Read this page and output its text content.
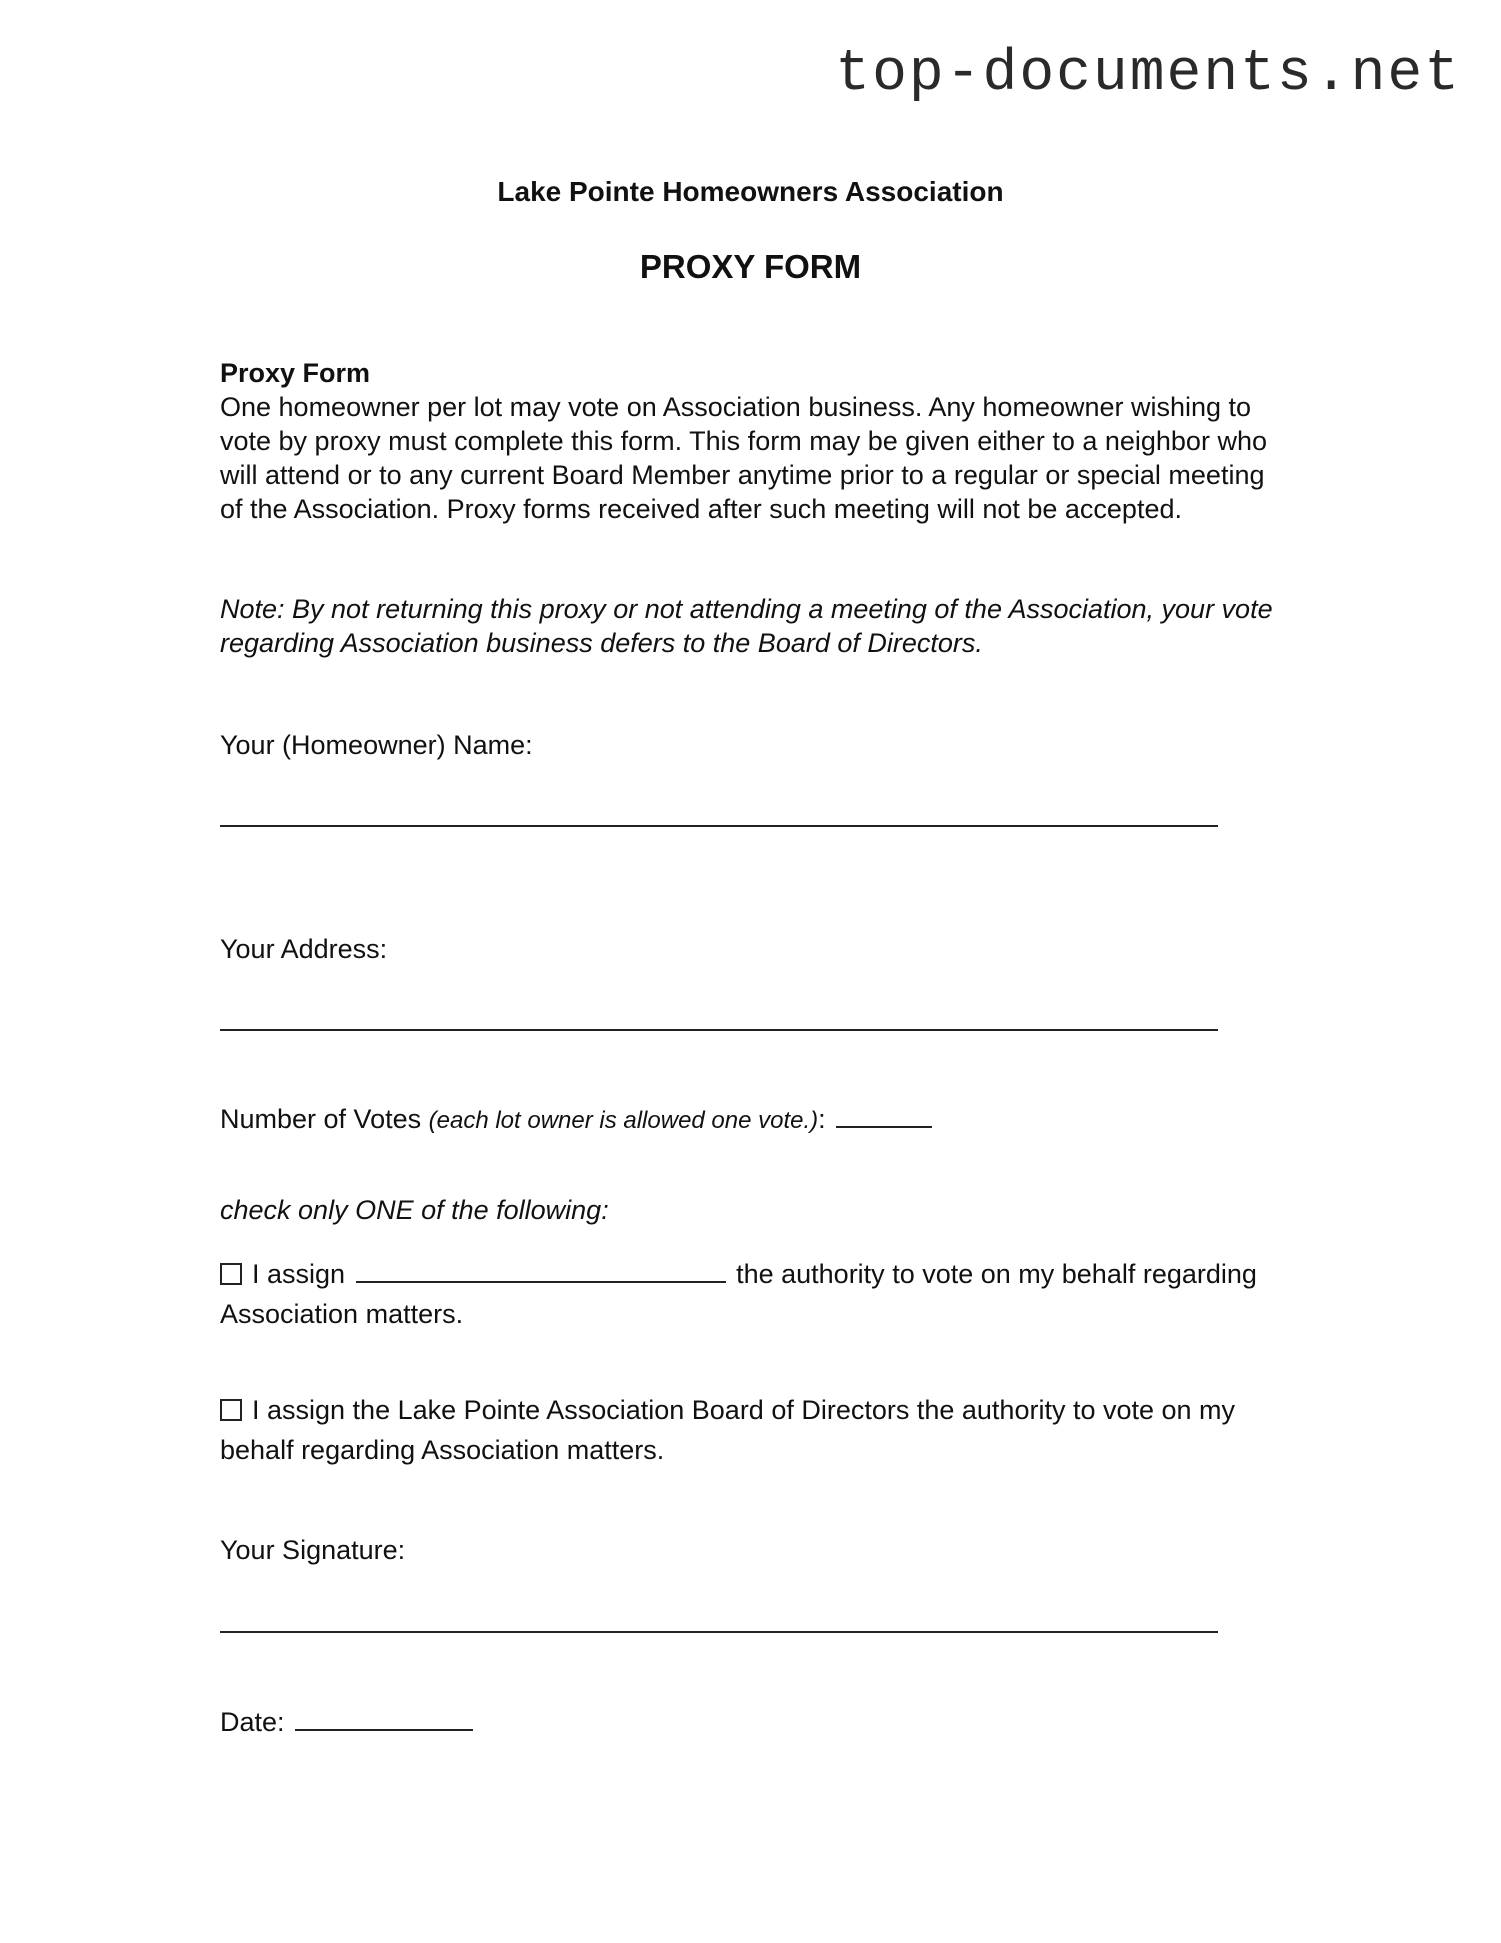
top-documents.net
Lake Pointe Homeowners Association
PROXY FORM
Proxy Form
One homeowner per lot may vote on Association business. Any homeowner wishing to vote by proxy must complete this form. This form may be given either to a neighbor who will attend or to any current Board Member anytime prior to a regular or special meeting of the Association. Proxy forms received after such meeting will not be accepted.
Note: By not returning this proxy or not attending a meeting of the Association, your vote regarding Association business defers to the Board of Directors.
Your (Homeowner) Name:
Your Address:
Number of Votes (each lot owner is allowed one vote.):
check only ONE of the following:
I assign	the authority to vote on my behalf regarding Association matters.
I assign the Lake Pointe Association Board of Directors the authority to vote on my behalf regarding Association matters.
Your Signature:
Date:
